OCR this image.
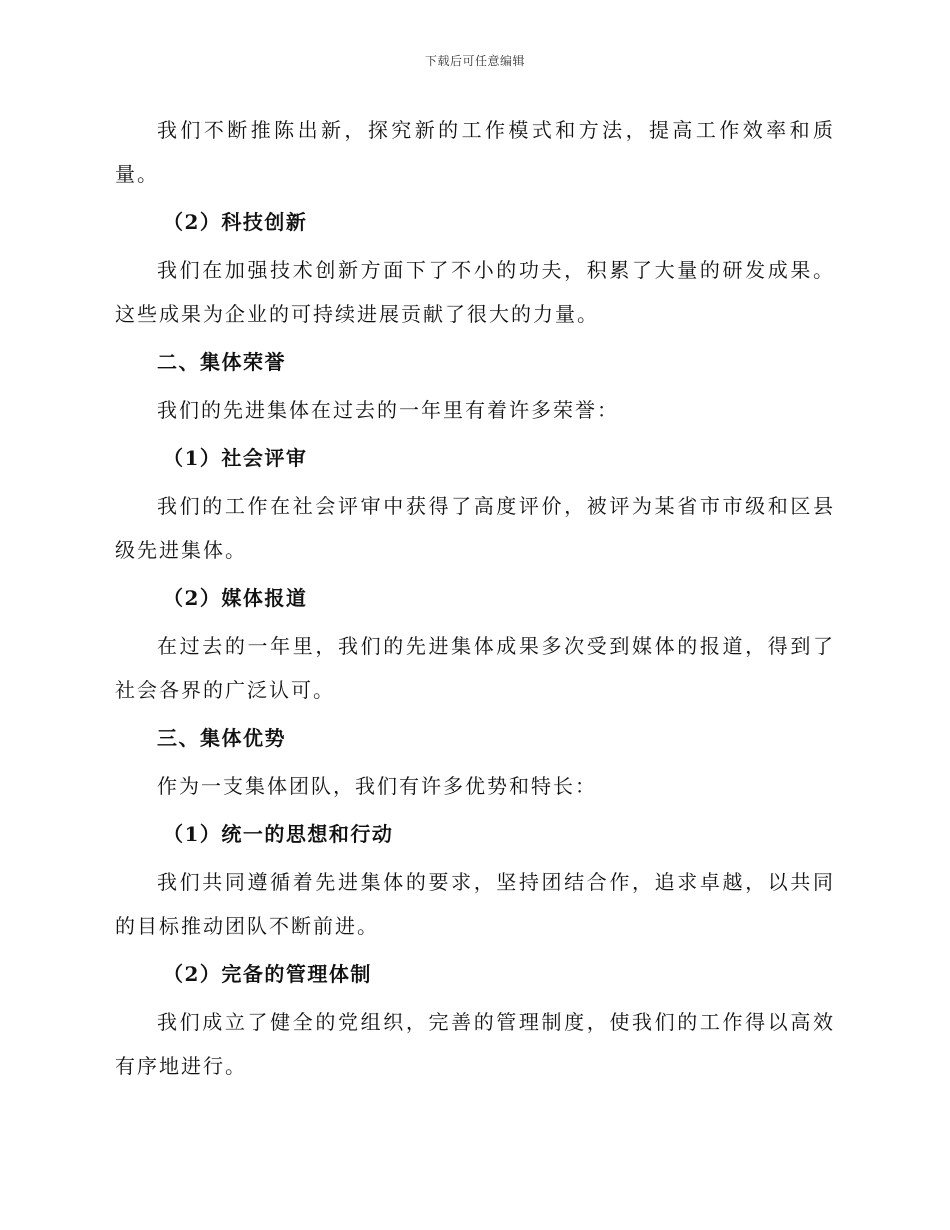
下载后可任意编辑

我们不断推陈出新，探究新的工作模式和方法，提高工作效率和质量。

（2）科技创新

我们在加强技术创新方面下了不小的功夫，积累了大量的研发成果。这些成果为企业的可持续进展贡献了很大的力量。

二、集体荣誉

我们的先进集体在过去的一年里有着许多荣誉：

（1）社会评审

我们的工作在社会评审中获得了高度评价，被评为某省市市级和区县级先进集体。

（2）媒体报道

在过去的一年里，我们的先进集体成果多次受到媒体的报道，得到了社会各界的广泛认可。

三、集体优势

作为一支集体团队，我们有许多优势和特长：

（1）统一的思想和行动

我们共同遵循着先进集体的要求，坚持团结合作，追求卓越，以共同的目标推动团队不断前进。

（2）完备的管理体制

我们成立了健全的党组织，完善的管理制度，使我们的工作得以高效有序地进行。
